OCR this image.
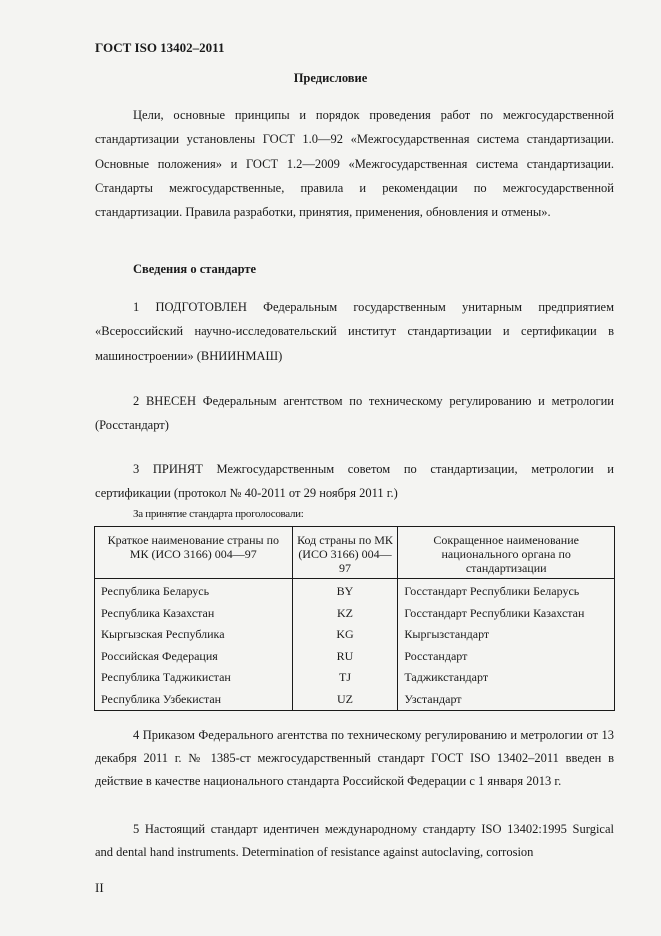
ГОСТ ISO 13402–2011
Предисловие
Цели, основные принципы и порядок проведения работ по межгосударственной стандартизации установлены ГОСТ 1.0—92 «Межгосударственная система стандартизации. Основные положения» и ГОСТ 1.2—2009 «Межгосударственная система стандартизации. Стандарты межгосударственные, правила и рекомендации по межгосударственной стандартизации. Правила разработки, принятия, применения, обновления и отмены».
Сведения о стандарте
1 ПОДГОТОВЛЕН Федеральным государственным унитарным предприятием «Всероссийский научно-исследовательский институт стандартизации и сертификации в машиностроении» (ВНИИНМАШ)
2 ВНЕСЕН Федеральным агентством по техническому регулированию и метрологии (Росстандарт)
3 ПРИНЯТ Межгосударственным советом по стандартизации, метрологии и сертификации (протокол № 40-2011 от 29 ноября 2011 г.)
За принятие стандарта проголосовали:
Краткое наименование страны по МК (ИСО 3166) 004—97	Код страны по МК (ИСО 3166) 004—97	Сокращенное наименование национального органа по стандартизации
Республика Беларусь	BY	Госстандарт Республики Беларусь
Республика Казахстан	KZ	Госстандарт Республики Казахстан
Кыргызская Республика	KG	Кыргызстандарт
Российская Федерация	RU	Росстандарт
Республика Таджикистан	TJ	Таджикстандарт
Республика Узбекистан	UZ	Узстандарт
4 Приказом Федерального агентства по техническому регулированию и метрологии от 13 декабря 2011 г. № 1385-ст межгосударственный стандарт ГОСТ ISO 13402–2011 введен в действие в качестве национального стандарта Российской Федерации с 1 января 2013 г.
5 Настоящий стандарт идентичен международному стандарту ISO 13402:1995 Surgical and dental hand instruments. Determination of resistance against autoclaving, corrosion
II
